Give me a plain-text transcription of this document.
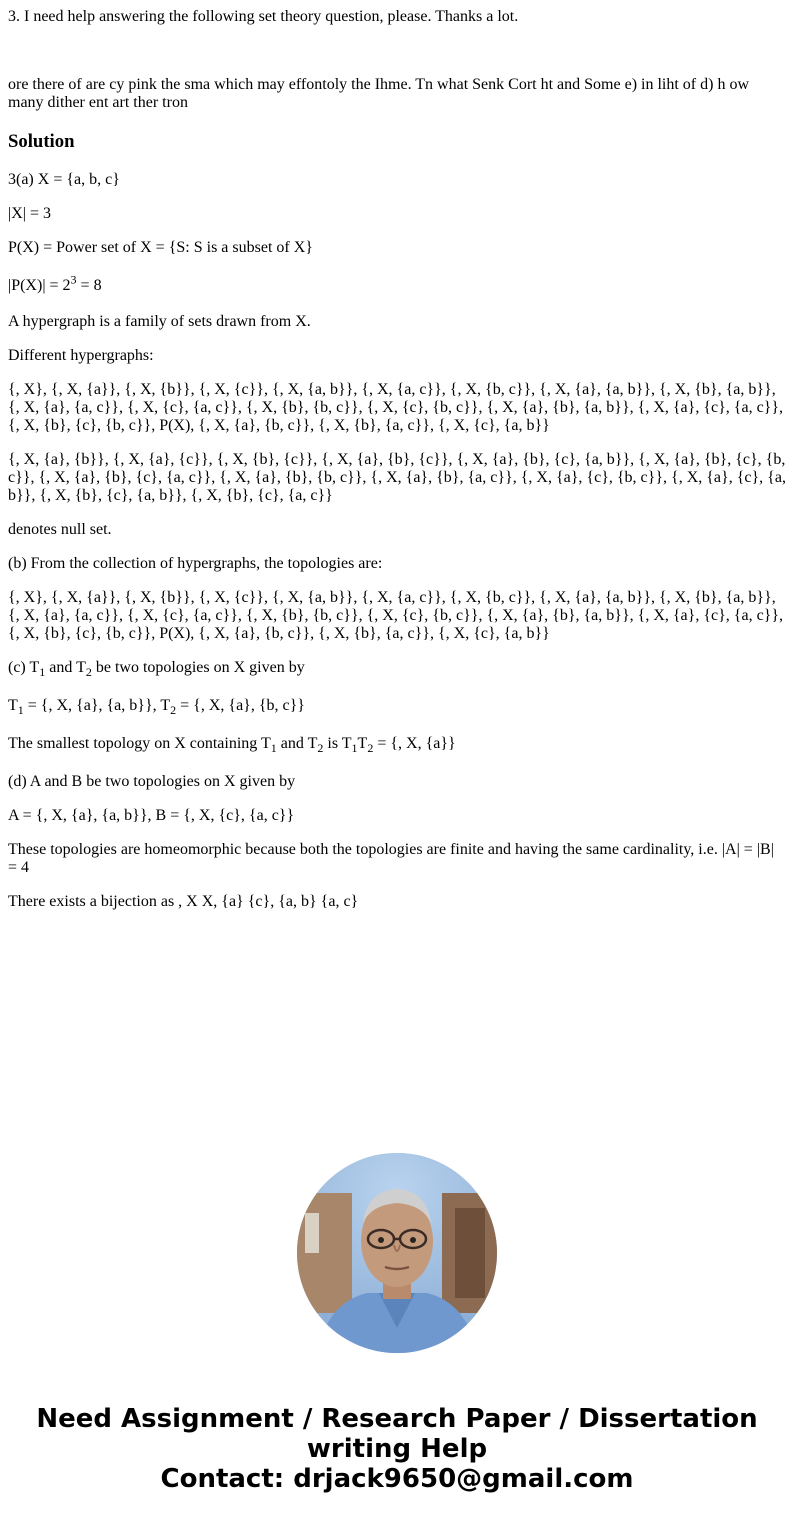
3. I need help answering the following set theory question, please. Thanks a lot.

ore there of are cy pink the sma which may effontoly the Ihme. Tn what Senk Cort ht and Some e) in liht of d) h ow many dither ent art ther tron

Solution

3(a) X = {a, b, c}

|X| = 3

P(X) = Power set of X = {S: S is a subset of X}

$|P(X)| = 2^3 = 8$

A hypergraph is a family of sets drawn from X.

Different hypergraphs:

{, X}, {, X, {a}}, {, X, {b}}, {, X, {c}}, {, X, {a, b}}, {, X, {a, c}}, {, X, {b, c}}, {, X, {a}, {a, b}}, {, X, {b}, {a, b}}, {, X, {a}, {a, c}}, {, X, {c}, {a, c}}, {, X, {b}, {b, c}}, {, X, {c}, {b, c}}, {, X, {a}, {b}, {a, b}}, {, X, {a}, {c}, {a, c}}, {, X, {b}, {c}, {b, c}}, P(X), {, X, {a}, {b, c}}, {, X, {b}, {a, c}}, {, X, {c}, {a, b}}

{, X, {a}, {b}}, {, X, {a}, {c}}, {, X, {b}, {c}}, {, X, {a}, {b}, {c}}, {, X, {a}, {b}, {c}, {a, b}}, {, X, {a}, {b}, {c}, {b, c}}, {, X, {a}, {b}, {c}, {a, c}}, {, X, {a}, {b}, {b, c}}, {, X, {a}, {b}, {a, c}}, {, X, {a}, {c}, {b, c}}, {, X, {a}, {c}, {a, b}}, {, X, {b}, {c}, {a, b}}, {, X, {b}, {c}, {a, c}}

denotes null set.

(b) From the collection of hypergraphs, the topologies are:

{, X}, {, X, {a}}, {, X, {b}}, {, X, {c}}, {, X, {a, b}}, {, X, {a, c}}, {, X, {b, c}}, {, X, {a}, {a, b}}, {, X, {b}, {a, b}}, {, X, {a}, {a, c}}, {, X, {c}, {a, c}}, {, X, {b}, {b, c}}, {, X, {c}, {b, c}}, {, X, {a}, {b}, {a, b}}, {, X, {a}, {c}, {a, c}}, {, X, {b}, {c}, {b, c}}, P(X), {, X, {a}, {b, c}}, {, X, {b}, {a, c}}, {, X, {c}, {a, b}}

(c) $T_1$ and $T_2$ be two topologies on X given by

$T_1$ = {, X, {a}, {a, b}}, $T_2$ = {, X, {a}, {b, c}}

The smallest topology on X containing $T_1$ and $T_2$ is $T_1T_2$ = {, X, {a}}

(d) A and B be two topologies on X given by

A = {, X, {a}, {a, b}}, B = {, X, {c}, {a, c}}

These topologies are homeomorphic because both the topologies are finite and having the same cardinality, i.e. |A| = |B| = 4

There exists a bijection as , X X, {a} {c}, {a, b} {a, c}

Need Assignment / Research Paper / Dissertation
writing Help
Contact: drjack9650@gmail.com
